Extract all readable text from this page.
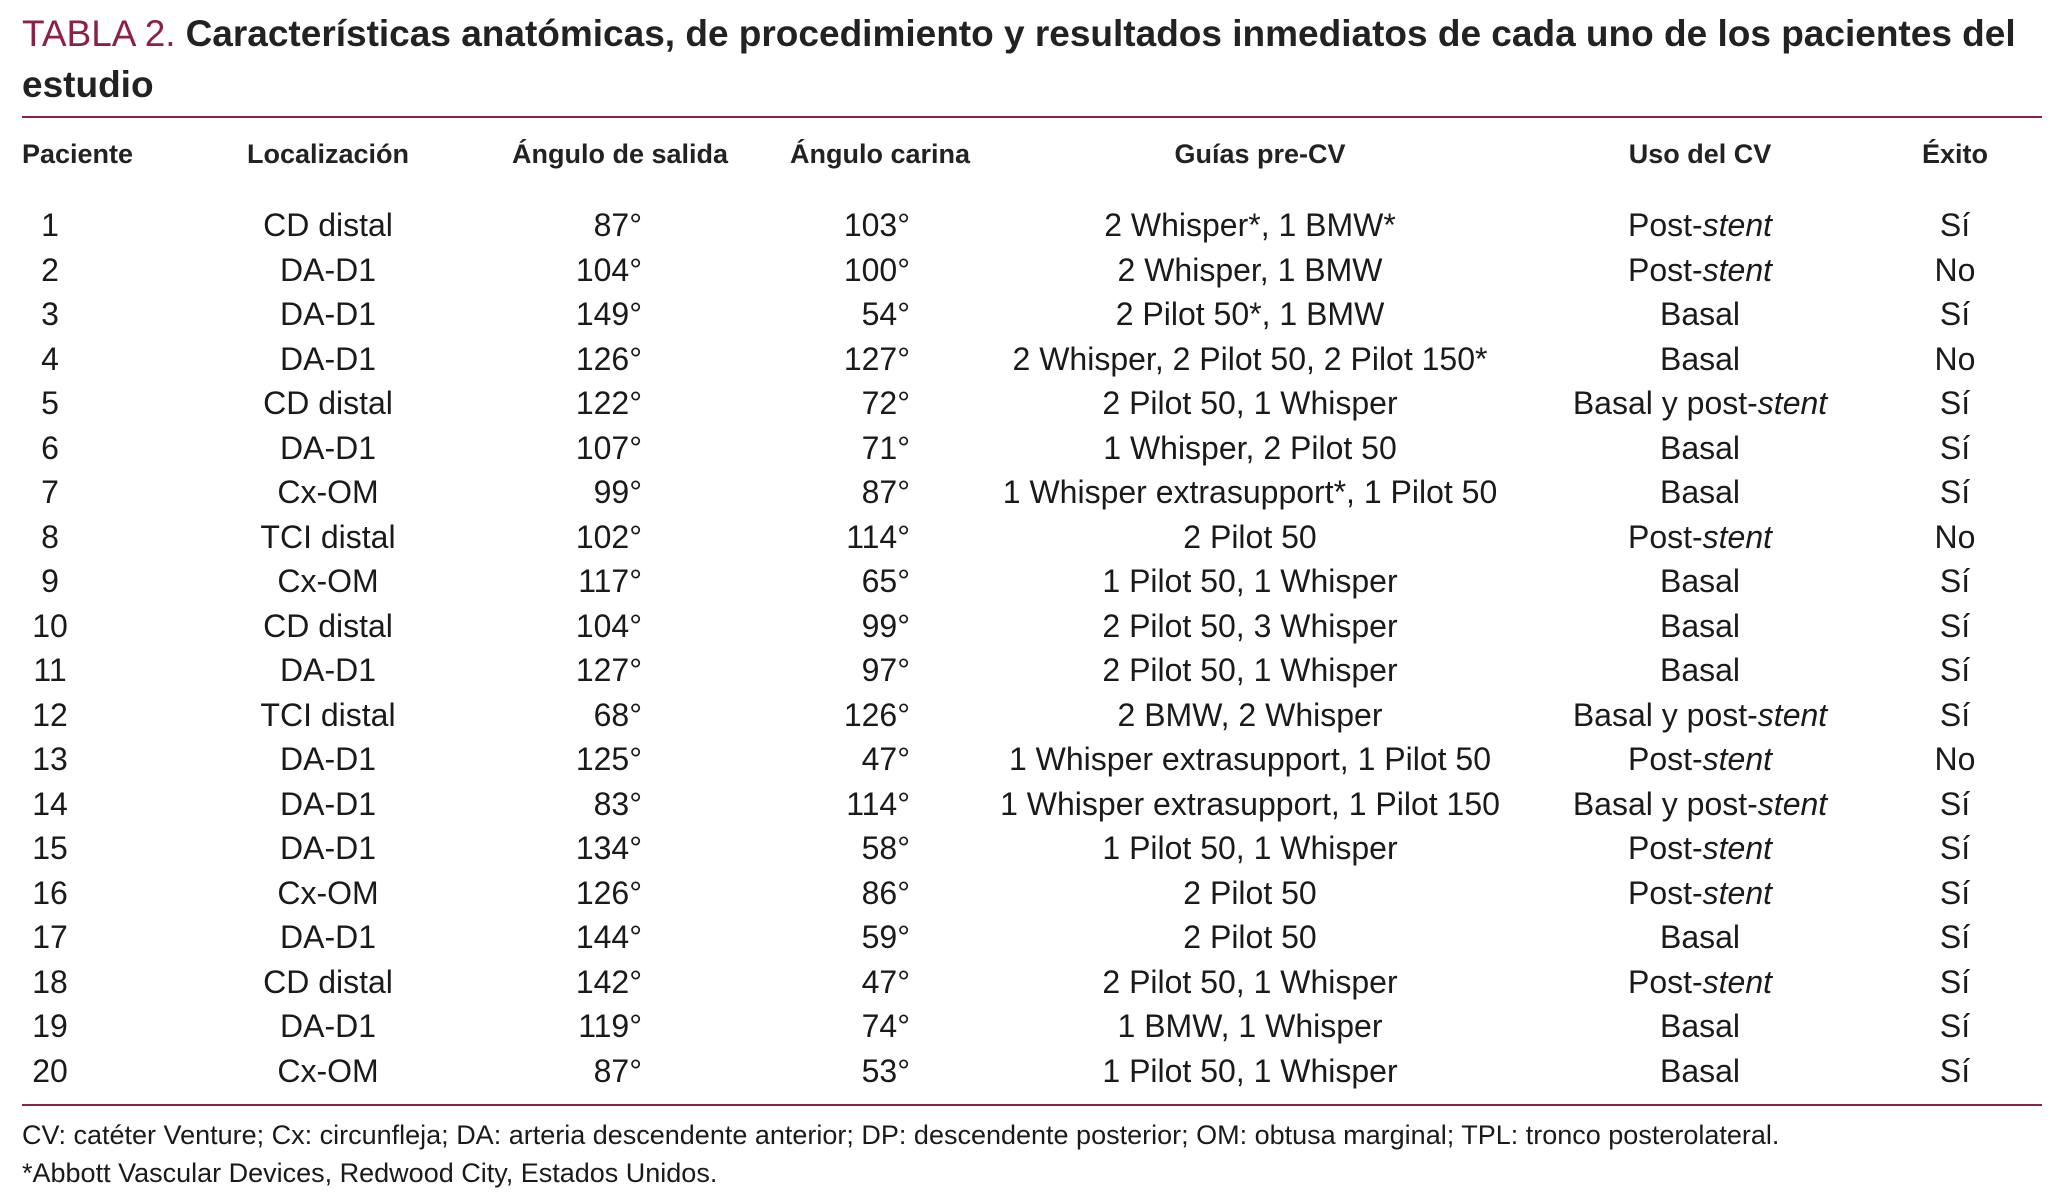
TABLA 2. Características anatómicas, de procedimiento y resultados inmediatos de cada uno de los pacientes del estudio
Paciente	Localización	Ángulo de salida	Ángulo carina	Guías pre-CV	Uso del CV	Éxito
1	CD distal	87°	103°	2 Whisper*, 1 BMW*	Post-stent	Sí
2	DA-D1	104°	100°	2 Whisper, 1 BMW	Post-stent	No
3	DA-D1	149°	54°	2 Pilot 50*, 1 BMW	Basal	Sí
4	DA-D1	126°	127°	2 Whisper, 2 Pilot 50, 2 Pilot 150*	Basal	No
5	CD distal	122°	72°	2 Pilot 50, 1 Whisper	Basal y post-stent	Sí
6	DA-D1	107°	71°	1 Whisper, 2 Pilot 50	Basal	Sí
7	Cx-OM	99°	87°	1 Whisper extrasupport*, 1 Pilot 50	Basal	Sí
8	TCI distal	102°	114°	2 Pilot 50	Post-stent	No
9	Cx-OM	117°	65°	1 Pilot 50, 1 Whisper	Basal	Sí
10	CD distal	104°	99°	2 Pilot 50, 3 Whisper	Basal	Sí
11	DA-D1	127°	97°	2 Pilot 50, 1 Whisper	Basal	Sí
12	TCI distal	68°	126°	2 BMW, 2 Whisper	Basal y post-stent	Sí
13	DA-D1	125°	47°	1 Whisper extrasupport, 1 Pilot 50	Post-stent	No
14	DA-D1	83°	114°	1 Whisper extrasupport, 1 Pilot 150	Basal y post-stent	Sí
15	DA-D1	134°	58°	1 Pilot 50, 1 Whisper	Post-stent	Sí
16	Cx-OM	126°	86°	2 Pilot 50	Post-stent	Sí
17	DA-D1	144°	59°	2 Pilot 50	Basal	Sí
18	CD distal	142°	47°	2 Pilot 50, 1 Whisper	Post-stent	Sí
19	DA-D1	119°	74°	1 BMW, 1 Whisper	Basal	Sí
20	Cx-OM	87°	53°	1 Pilot 50, 1 Whisper	Basal	Sí
CV: catéter Venture; Cx: circunfleja; DA: arteria descendente anterior; DP: descendente posterior; OM: obtusa marginal; TPL: tronco posterolateral.
*Abbott Vascular Devices, Redwood City, Estados Unidos.
